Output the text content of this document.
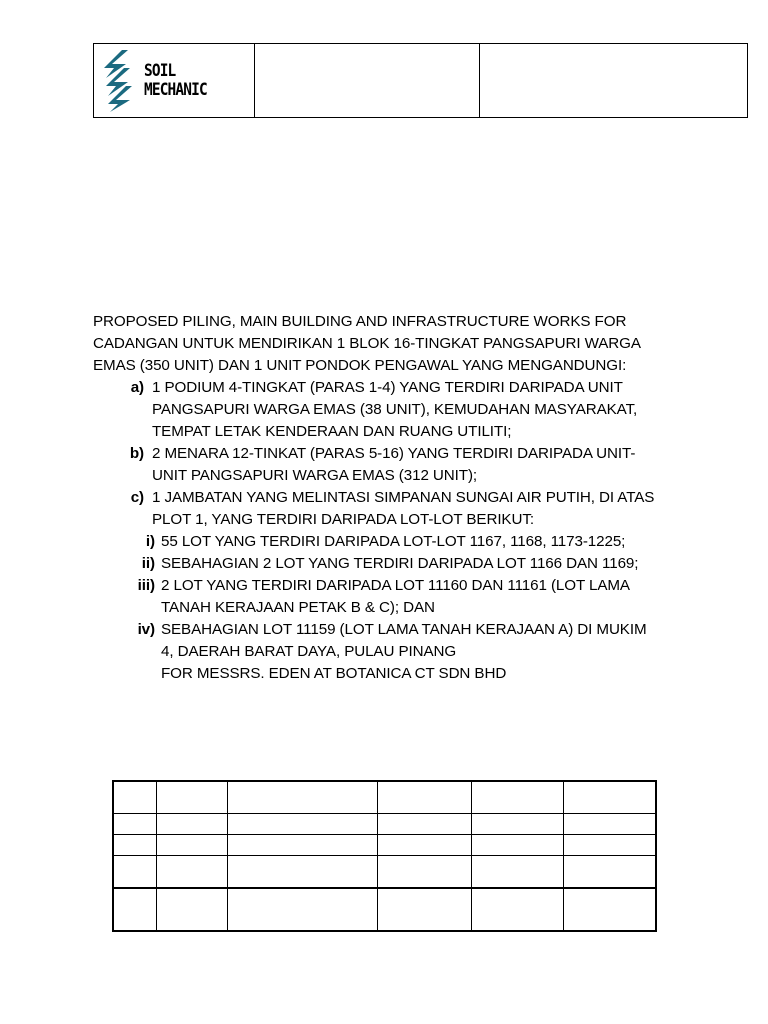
SOIL
MECHANIC

PROPOSED PILING, MAIN BUILDING AND INFRASTRUCTURE WORKS FOR
CADANGAN UNTUK MENDIRIKAN 1 BLOK 16-TINGKAT PANGSAPURI WARGA
EMAS (350 UNIT) DAN 1 UNIT PONDOK PENGAWAL YANG MENGANDUNGI:
a) 1 PODIUM 4-TINGKAT (PARAS 1-4) YANG TERDIRI DARIPADA UNIT
PANGSAPURI WARGA EMAS (38 UNIT), KEMUDAHAN MASYARAKAT,
TEMPAT LETAK KENDERAAN DAN RUANG UTILITI;
b) 2 MENARA 12-TINKAT (PARAS 5-16) YANG TERDIRI DARIPADA UNIT-
UNIT PANGSAPURI WARGA EMAS (312 UNIT);
c) 1 JAMBATAN YANG MELINTASI SIMPANAN SUNGAI AIR PUTIH, DI ATAS
PLOT 1, YANG TERDIRI DARIPADA LOT-LOT BERIKUT:
i) 55 LOT YANG TERDIRI DARIPADA LOT-LOT 1167, 1168, 1173-1225;
ii) SEBAHAGIAN 2 LOT YANG TERDIRI DARIPADA LOT 1166 DAN 1169;
iii) 2 LOT YANG TERDIRI DARIPADA LOT 11160 DAN 11161 (LOT LAMA
TANAH KERAJAAN PETAK B & C); DAN
iv) SEBAHAGIAN LOT 11159 (LOT LAMA TANAH KERAJAAN A) DI MUKIM
4, DAERAH BARAT DAYA, PULAU PINANG
FOR MESSRS. EDEN AT BOTANICA CT SDN BHD
